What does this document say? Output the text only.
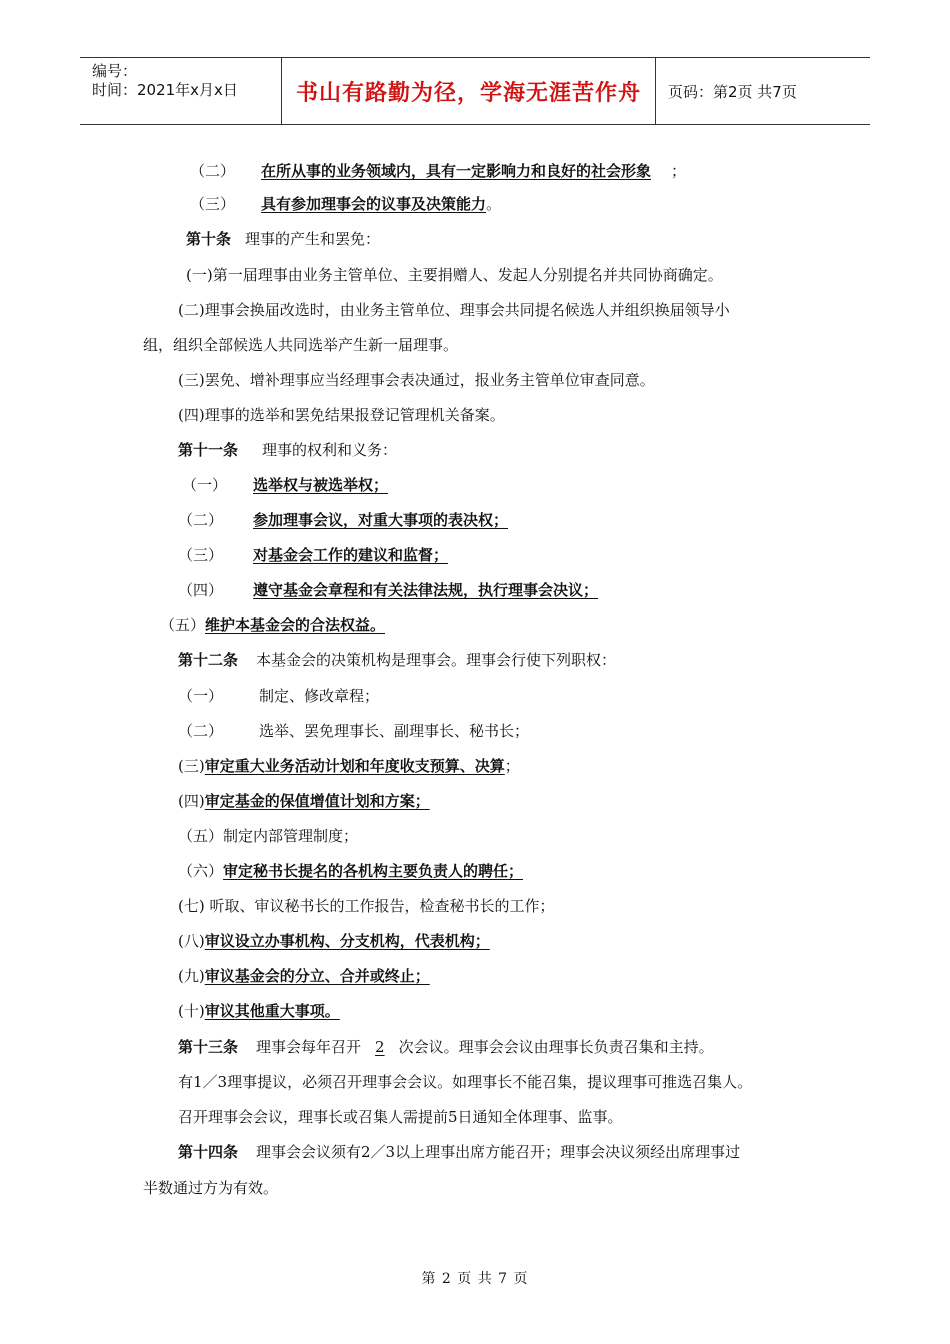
编号：
时间：2021年x月x日	书山有路勤为径，学海无涯苦作舟	页码：第2页 共7页
（二） 在所从事的业务领域内，具有一定影响力和良好的社会形象 ；
（三） 具有参加理事会的议事及决策能力。
第十条 理事的产生和罢免：
(一)第一届理事由业务主管单位、主要捐赠人、发起人分别提名并共同协商确定。
(二)理事会换届改选时，由业务主管单位、理事会共同提名候选人并组织换届领导小
组，组织全部候选人共同选举产生新一届理事。
(三)罢免、增补理事应当经理事会表决通过，报业务主管单位审查同意。
(四)理事的选举和罢免结果报登记管理机关备案。
第十一条 理事的权利和义务：
（一） 选举权与被选举权；
（二） 参加理事会议，对重大事项的表决权；
（三） 对基金会工作的建议和监督；
（四） 遵守基金会章程和有关法律法规，执行理事会决议；
（五）维护本基金会的合法权益。
第十二条 本基金会的决策机构是理事会。理事会行使下列职权：
（一） 制定、修改章程；
（二） 选举、罢免理事长、副理事长、秘书长；
(三)审定重大业务活动计划和年度收支预算、决算；
(四)审定基金的保值增值计划和方案；
（五）制定内部管理制度；
（六）审定秘书长提名的各机构主要负责人的聘任；
(七) 听取、审议秘书长的工作报告，检查秘书长的工作；
(八)审议设立办事机构、分支机构，代表机构；
(九)审议基金会的分立、合并或终止；
(十)审议其他重大事项。
第十三条 理事会每年召开 2 次会议。理事会会议由理事长负责召集和主持。
有1／3理事提议，必须召开理事会会议。如理事长不能召集，提议理事可推选召集人。
召开理事会会议，理事长或召集人需提前5日通知全体理事、监事。
第十四条 理事会会议须有2／3以上理事出席方能召开；理事会决议须经出席理事过
半数通过方为有效。
第 2 页 共 7 页
